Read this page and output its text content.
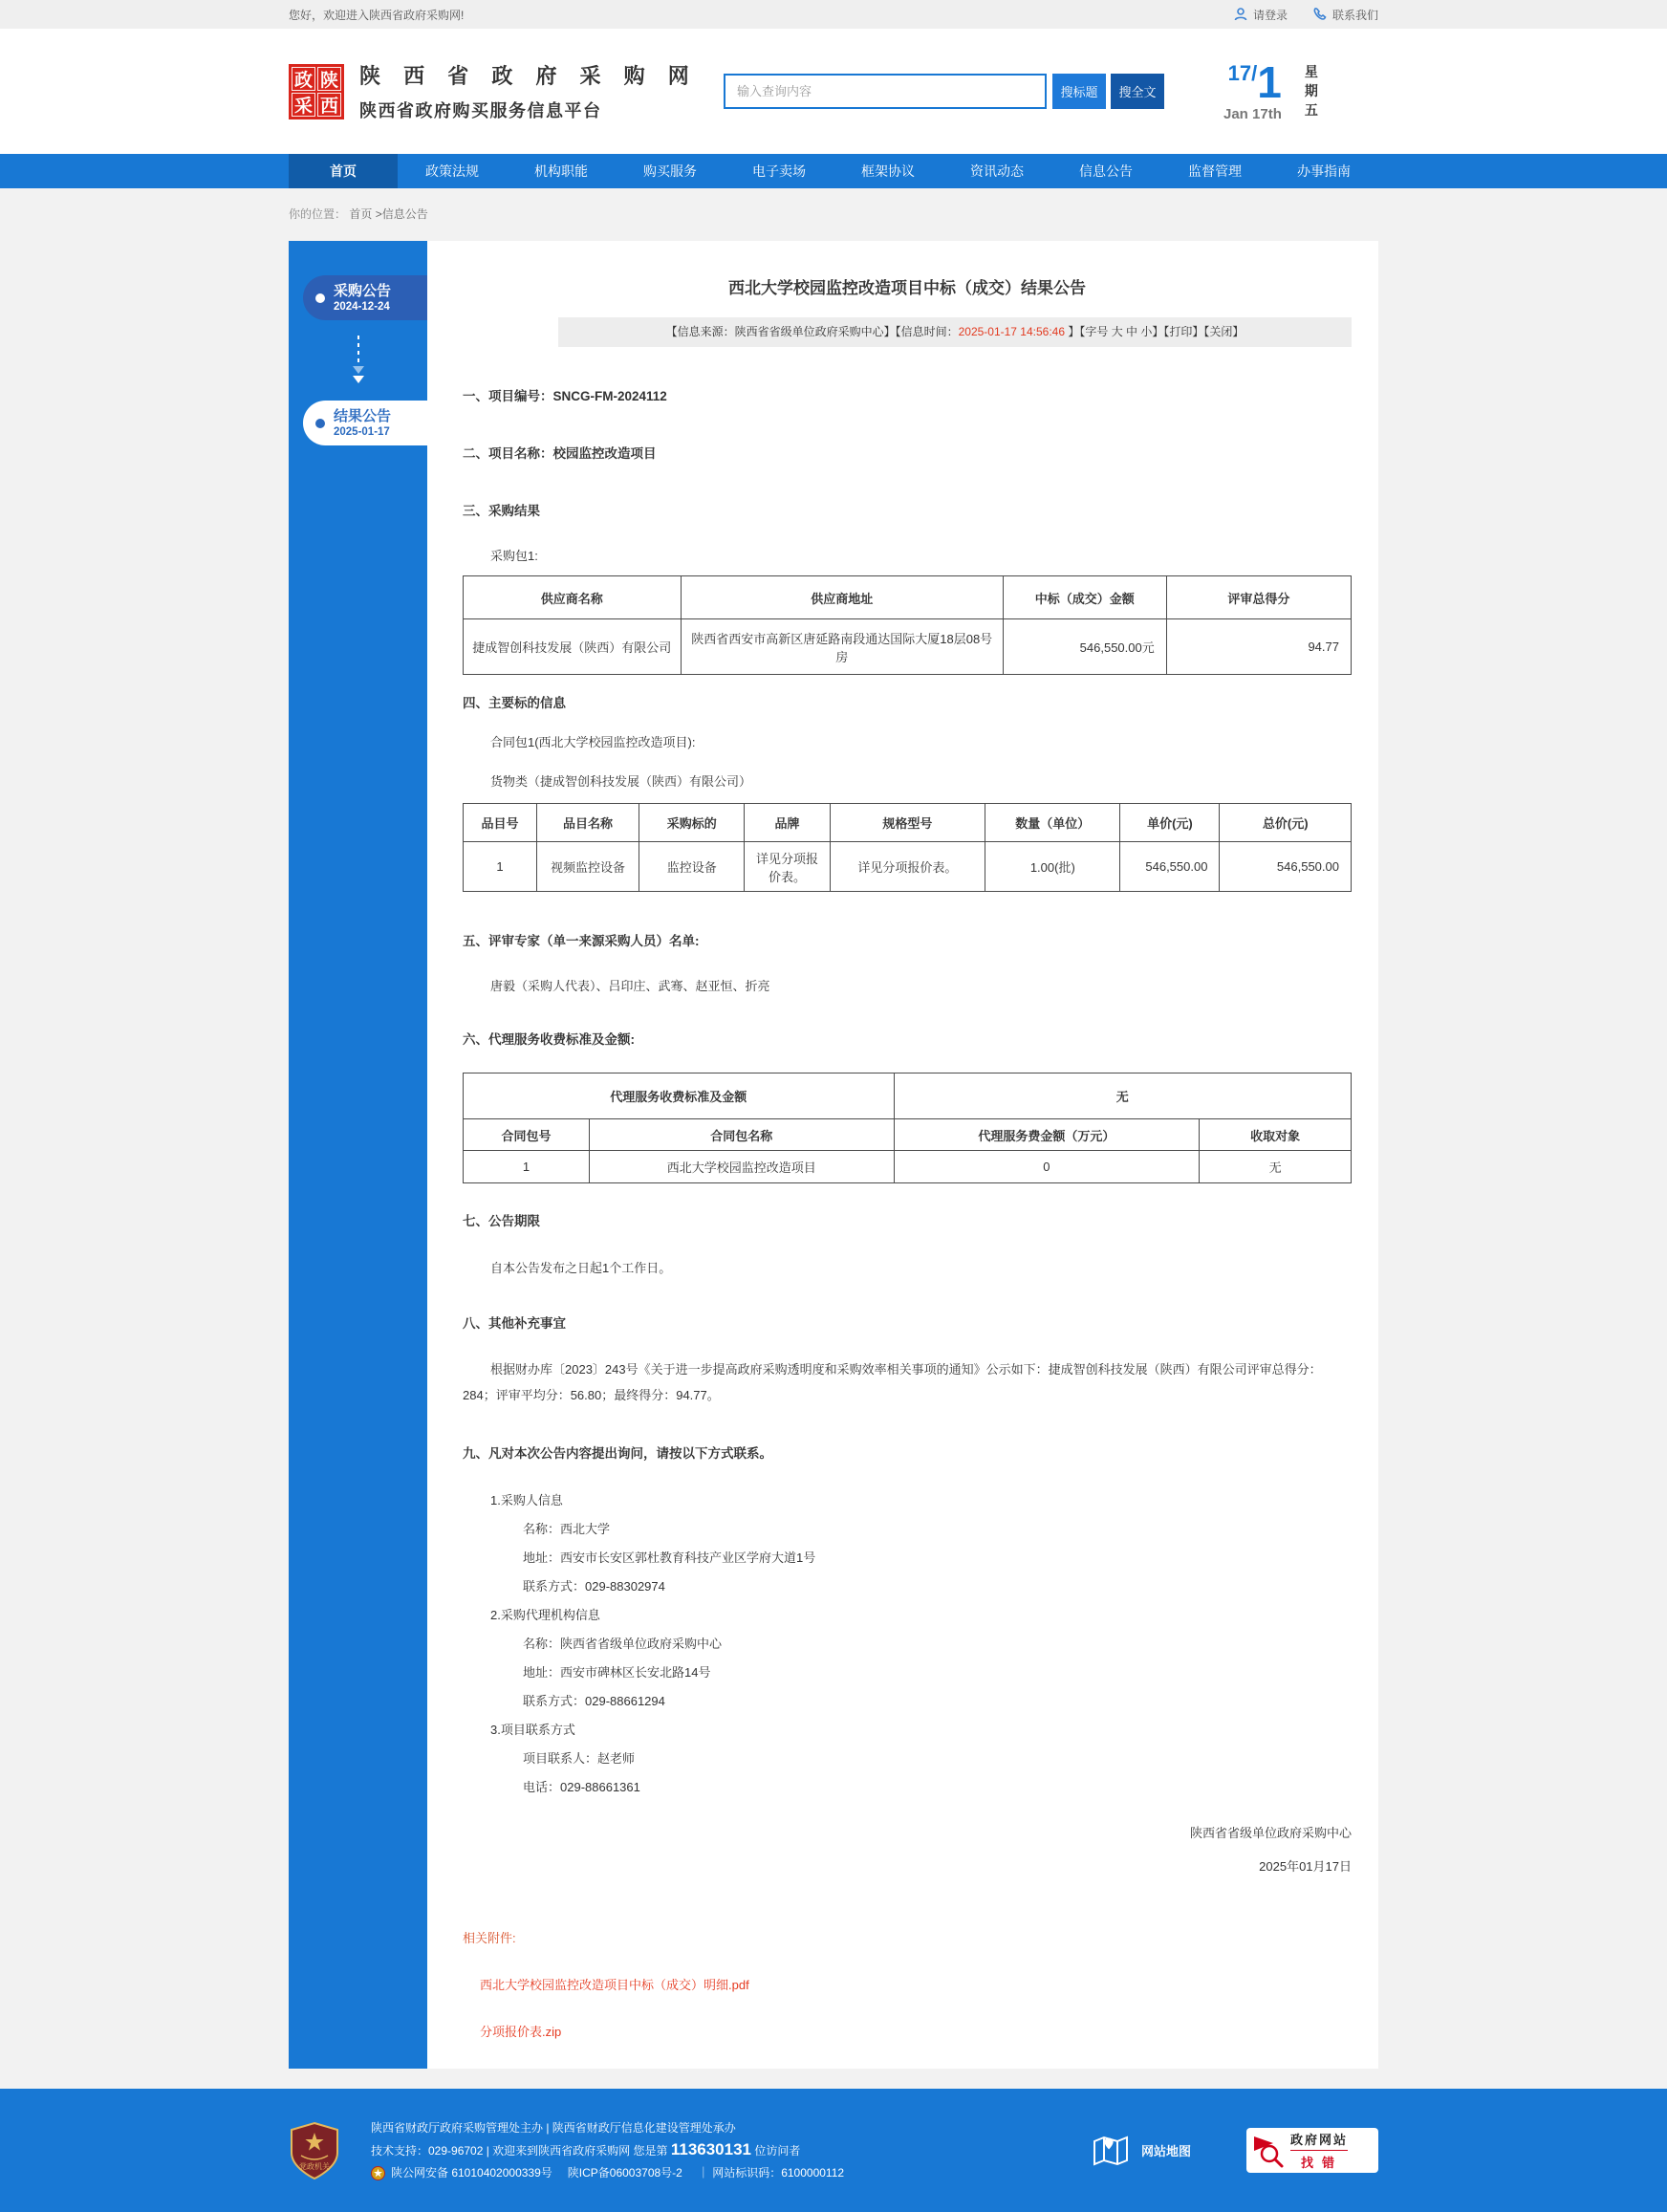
您好，欢迎进入陕西省政府采购网!	请登录	联系我们
政 陕
采 西
陕 西 省 政 府 采 购 网
陕西省政府购买服务信息平台
输入查询内容
搜标题	搜全文
17/1
Jan 17th
星
期
五
首页	政策法规	机构职能	购买服务	电子卖场	框架协议	资讯动态	信息公告	监督管理	办事指南
你的位置： 首页 >信息公告
采购公告
2024-12-24
结果公告
2025-01-17
西北大学校园监控改造项目中标（成交）结果公告
【信息来源：陕西省省级单位政府采购中心】【信息时间：2025-01-17 14:56:46 】【字号 大 中 小】【打印】【关闭】
一、项目编号：SNCG-FM-2024112
二、项目名称：校园监控改造项目
三、采购结果
采购包1:
供应商名称	供应商地址	中标（成交）金额	评审总得分
捷成智创科技发展（陕西）有限公司	陕西省西安市高新区唐延路南段通达国际大厦18层08号房	546,550.00元	94.77
四、主要标的信息
合同包1(西北大学校园监控改造项目):
货物类（捷成智创科技发展（陕西）有限公司）
品目号	品目名称	采购标的	品牌	规格型号	数量（单位）	单价(元)	总价(元)
1	视频监控设备	监控设备	详见分项报价表。	详见分项报价表。	1.00(批)	546,550.00	546,550.00
五、评审专家（单一来源采购人员）名单:
唐毅（采购人代表）、吕印庄、武骞、赵亚恒、折亮
六、代理服务收费标准及金额:
代理服务收费标准及金额		无	
合同包号	合同包名称	代理服务费金额（万元）	收取对象
1	西北大学校园监控改造项目	0	无
七、公告期限
自本公告发布之日起1个工作日。
八、其他补充事宜
根据财办库〔2023〕243号《关于进一步提高政府采购透明度和采购效率相关事项的通知》公示如下：捷成智创科技发展（陕西）有限公司评审总得分：284；评审平均分：56.80；最终得分：94.77。
九、凡对本次公告内容提出询问，请按以下方式联系。

1.采购人信息

名称：西北大学

地址：西安市长安区郭杜教育科技产业区学府大道1号

联系方式：029-88302974

2.采购代理机构信息

名称：陕西省省级单位政府采购中心

地址：西安市碑林区长安北路14号

联系方式：029-88661294

3.项目联系方式

项目联系人：赵老师

电话：029-88661361

陕西省省级单位政府采购中心
2025年01月17日
相关附件:
西北大学校园监控改造项目中标（成交）明细.pdf
分项报价表.zip
党政机关
陕西省财政厅政府采购管理处主办 | 陕西省财政厅信息化建设管理处承办
技术支持：029-96702 | 欢迎来到陕西省政府采购网 您是第 113630131 位访问者
陕公网安备 61010402000339号 陕ICP备06003708号-2 ｜ 网站标识码：6100000112
网站地图
政府网站
找错
